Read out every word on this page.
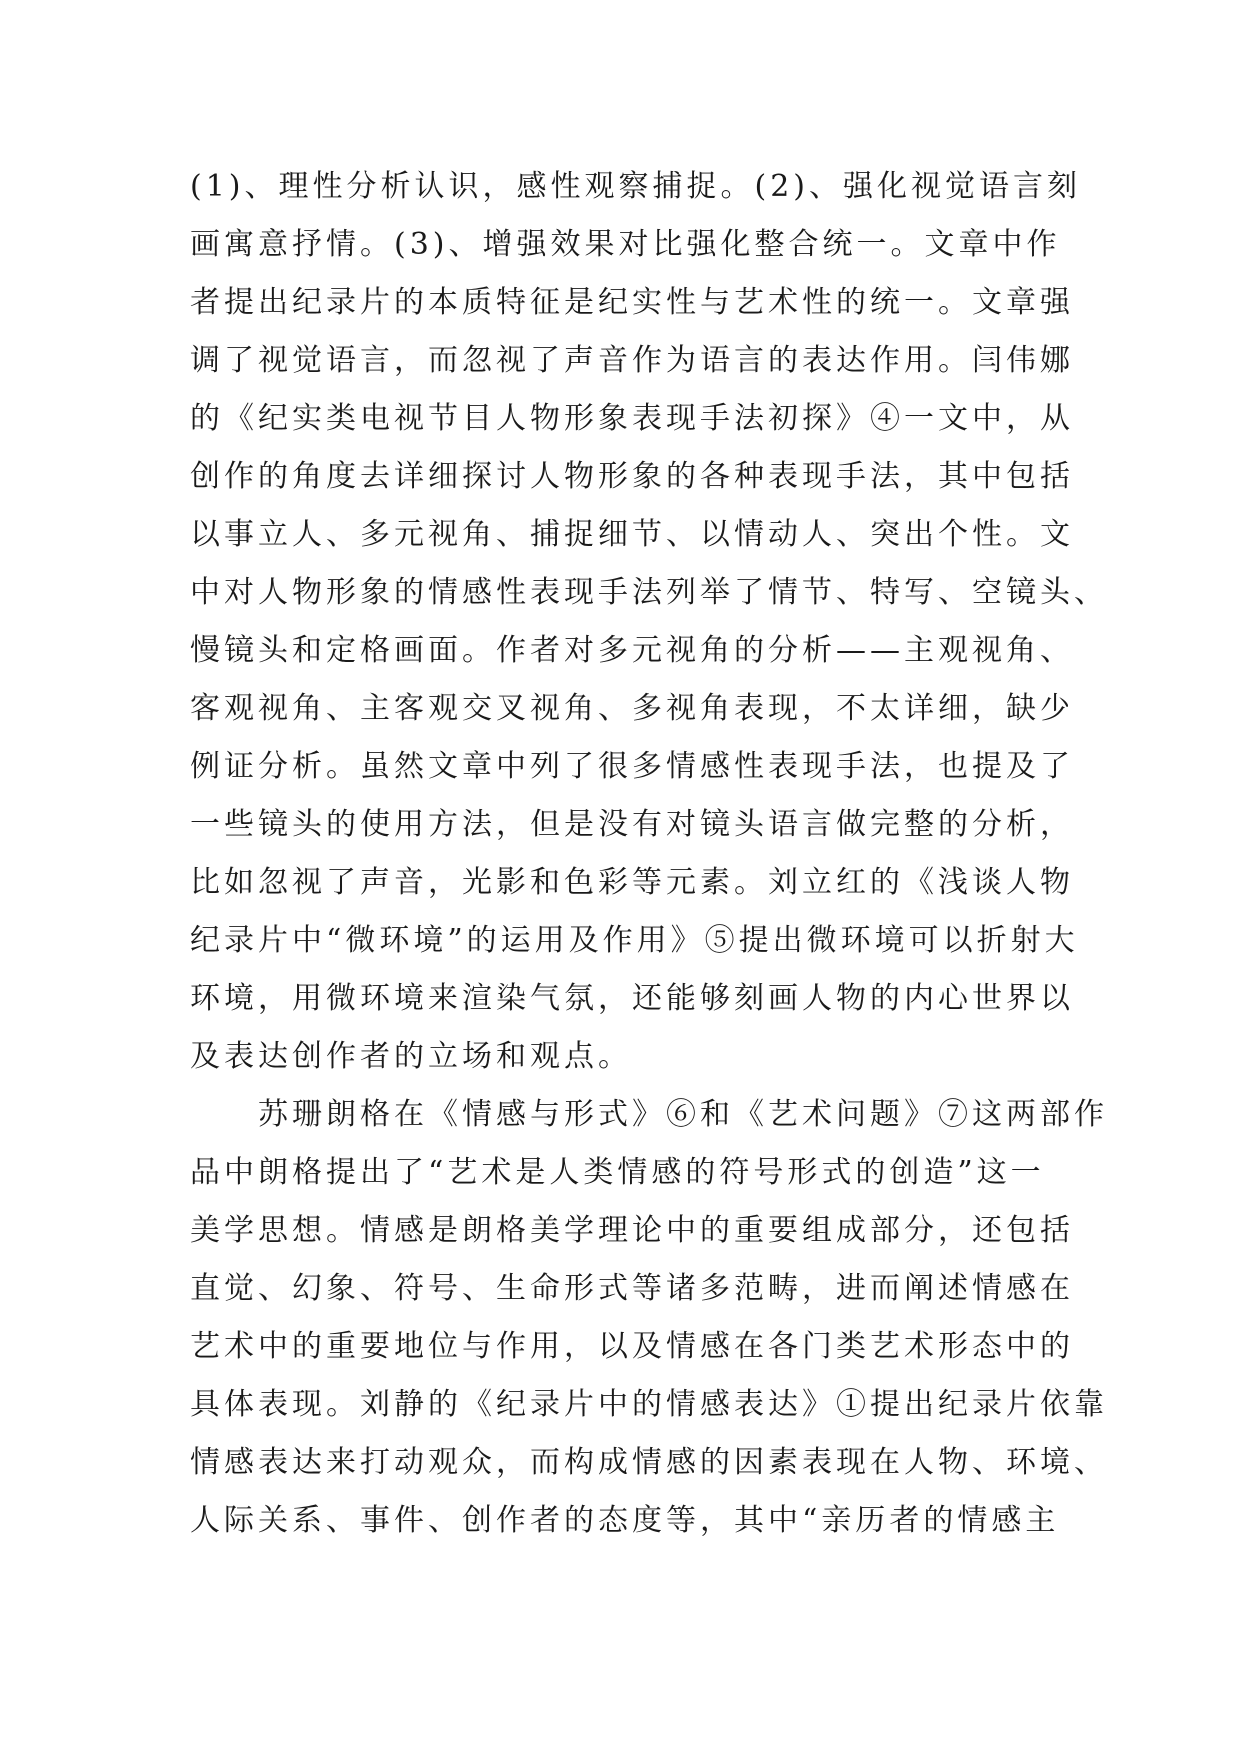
(1)、理性分析认识，感性观察捕捉。(2)、强化视觉语言刻
画寓意抒情。(3)、增强效果对比强化整合统一。文章中作
者提出纪录片的本质特征是纪实性与艺术性的统一。文章强
调了视觉语言，而忽视了声音作为语言的表达作用。闫伟娜
的《纪实类电视节目人物形象表现手法初探》④一文中，从
创作的角度去详细探讨人物形象的各种表现手法，其中包括
以事立人、多元视角、捕捉细节、以情动人、突出个性。文
中对人物形象的情感性表现手法列举了情节、特写、空镜头、
慢镜头和定格画面。作者对多元视角的分析——主观视角、
客观视角、主客观交叉视角、多视角表现，不太详细，缺少
例证分析。虽然文章中列了很多情感性表现手法，也提及了
一些镜头的使用方法，但是没有对镜头语言做完整的分析，
比如忽视了声音，光影和色彩等元素。刘立红的《浅谈人物
纪录片中“微环境”的运用及作用》⑤提出微环境可以折射大
环境，用微环境来渲染气氛，还能够刻画人物的内心世界以
及表达创作者的立场和观点。
　　苏珊朗格在《情感与形式》⑥和《艺术问题》⑦这两部作
品中朗格提出了“艺术是人类情感的符号形式的创造”这一
美学思想。情感是朗格美学理论中的重要组成部分，还包括
直觉、幻象、符号、生命形式等诸多范畴，进而阐述情感在
艺术中的重要地位与作用，以及情感在各门类艺术形态中的
具体表现。刘静的《纪录片中的情感表达》①提出纪录片依靠
情感表达来打动观众，而构成情感的因素表现在人物、环境、
人际关系、事件、创作者的态度等，其中“亲历者的情感主
